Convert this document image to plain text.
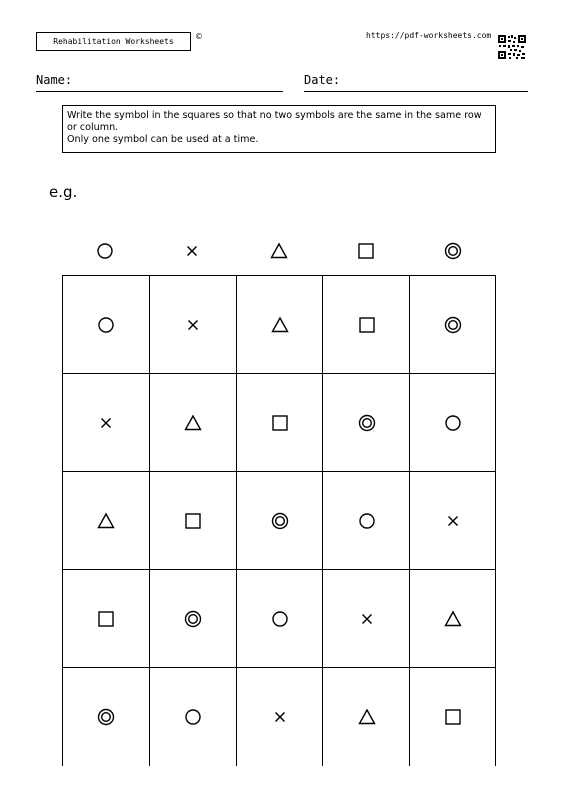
Rehabilitation Worksheets
©	https://pdf-worksheets.com
Name:	Date:

Write the symbol in the squares so that no two symbols are the same in the same row or column.

Only one symbol can be used at a time.

e.g.
